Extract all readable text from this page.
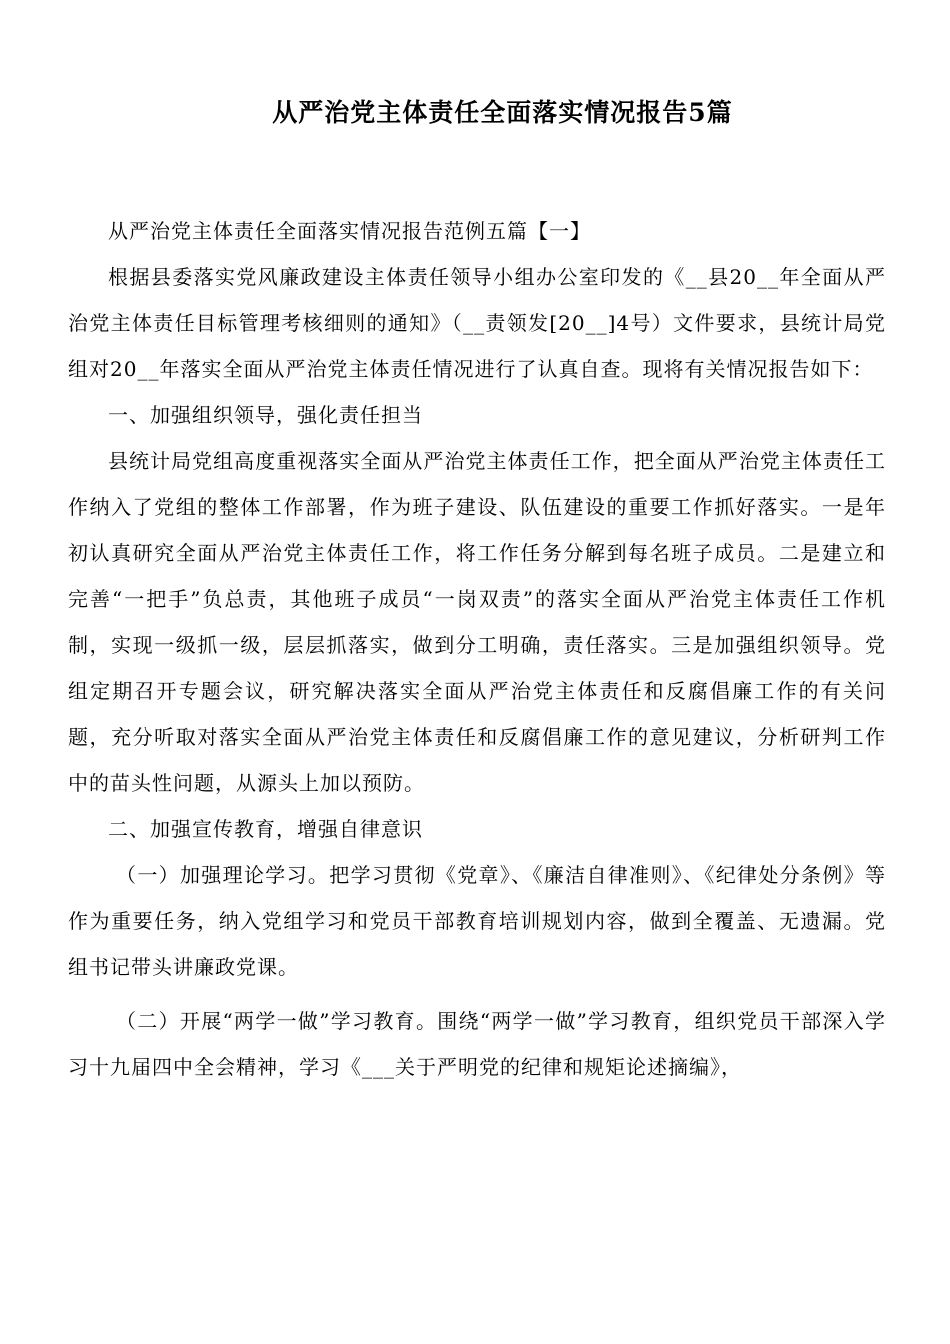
从严治党主体责任全面落实情况报告5篇

从严治党主体责任全面落实情况报告范例五篇【一】

根据县委落实党风廉政建设主体责任领导小组办公室印发的《__县20__年全面从严治党主体责任目标管理考核细则的通知》（__责领发[20__]4号）文件要求，县统计局党组对20__年落实全面从严治党主体责任情况进行了认真自查。现将有关情况报告如下：

一、加强组织领导，强化责任担当

县统计局党组高度重视落实全面从严治党主体责任工作，把全面从严治党主体责任工作纳入了党组的整体工作部署，作为班子建设、队伍建设的重要工作抓好落实。一是年初认真研究全面从严治党主体责任工作，将工作任务分解到每名班子成员。二是建立和完善“一把手”负总责，其他班子成员“一岗双责”的落实全面从严治党主体责任工作机制，实现一级抓一级，层层抓落实，做到分工明确，责任落实。三是加强组织领导。党组定期召开专题会议，研究解决落实全面从严治党主体责任和反腐倡廉工作的有关问题，充分听取对落实全面从严治党主体责任和反腐倡廉工作的意见建议，分析研判工作中的苗头性问题，从源头上加以预防。

二、加强宣传教育，增强自律意识

（一）加强理论学习。把学习贯彻《党章》、《廉洁自律准则》、《纪律处分条例》等作为重要任务，纳入党组学习和党员干部教育培训规划内容，做到全覆盖、无遗漏。党组书记带头讲廉政党课。

（二）开展“两学一做”学习教育。围绕“两学一做”学习教育，组织党员干部深入学习十九届四中全会精神，学习《___关于严明党的纪律和规矩论述摘编》，
